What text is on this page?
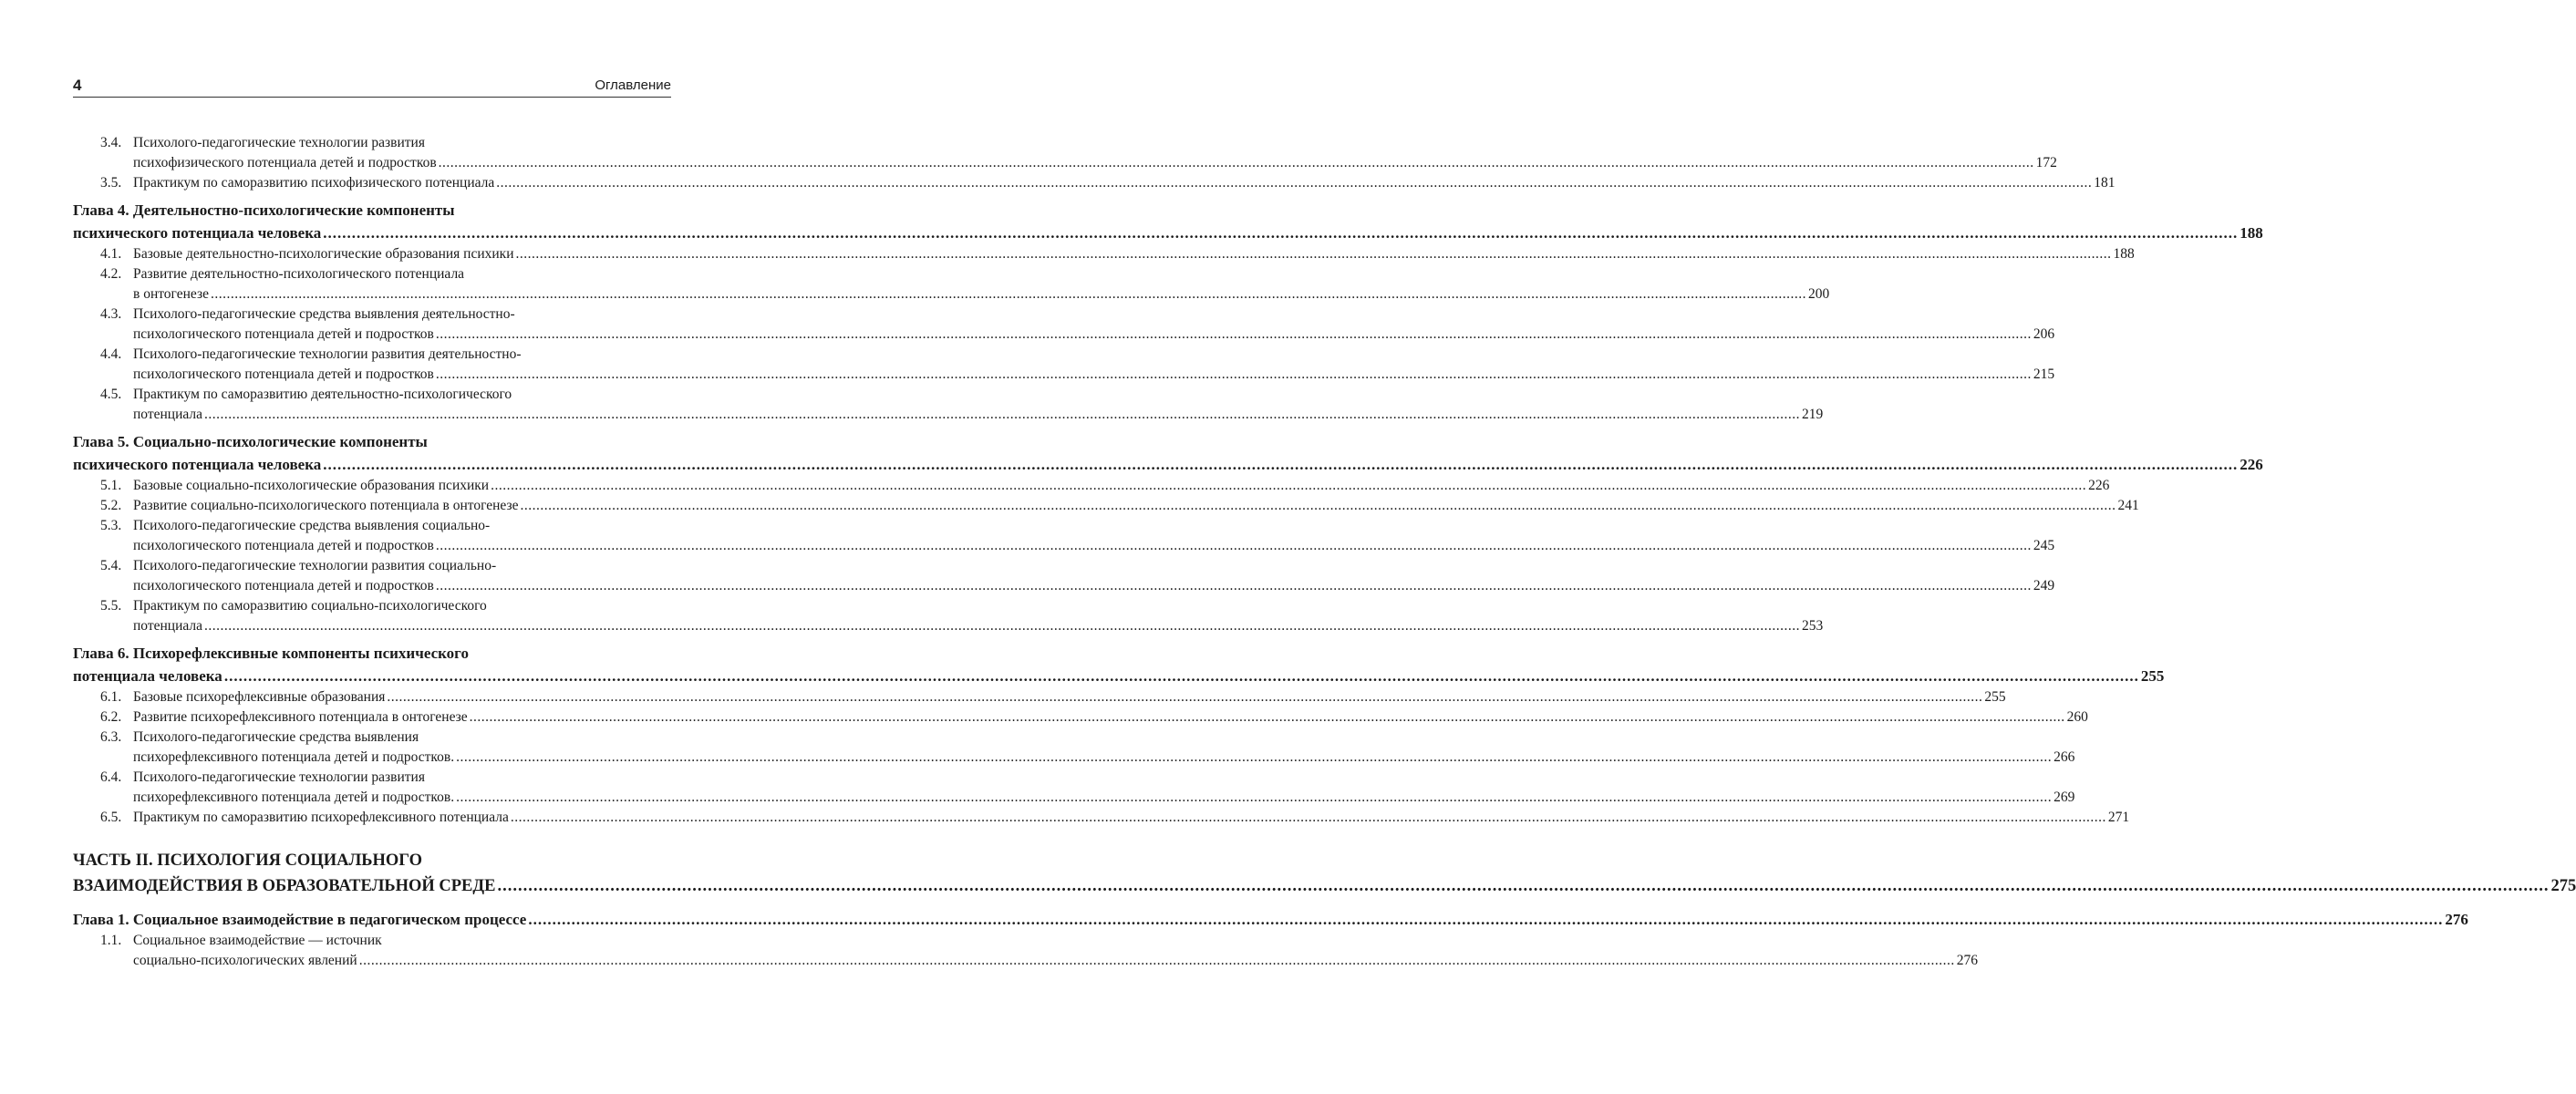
4	Оглавление
3.4. Психолого-педагогические технологии развития
психофизического потенциала детей и подростков ................................................................................................................................................................................................................................................................................................................................................................................................................ 172
3.5. Практикум по саморазвитию психофизического потенциала ................................................................................................................................................................................................................................................................................................................................................................................................................ 181
Глава 4. Деятельностно-психологические компоненты
психического потенциала человека ................................................................................................................................................................................................................................................................................................................................................................................................................ 188
4.1. Базовые деятельностно-психологические образования психики ................................................................................................................................................................................................................................................................................................................................................................................................................ 188
4.2. Развитие деятельностно-психологического потенциала
в онтогенезе ................................................................................................................................................................................................................................................................................................................................................................................................................ 200
4.3. Психолого-педагогические средства выявления деятельностно-
психологического потенциала детей и подростков ................................................................................................................................................................................................................................................................................................................................................................................................................ 206
4.4. Психолого-педагогические технологии развития деятельностно-
психологического потенциала детей и подростков ................................................................................................................................................................................................................................................................................................................................................................................................................ 215
4.5. Практикум по саморазвитию деятельностно-психологического
потенциала ................................................................................................................................................................................................................................................................................................................................................................................................................ 219
Глава 5. Социально-психологические компоненты
психического потенциала человека ................................................................................................................................................................................................................................................................................................................................................................................................................ 226
5.1. Базовые социально-психологические образования психики ................................................................................................................................................................................................................................................................................................................................................................................................................ 226
5.2. Развитие социально-психологического потенциала в онтогенезе ................................................................................................................................................................................................................................................................................................................................................................................................................ 241
5.3. Психолого-педагогические средства выявления социально-
психологического потенциала детей и подростков ................................................................................................................................................................................................................................................................................................................................................................................................................ 245
5.4. Психолого-педагогические технологии развития социально-
психологического потенциала детей и подростков ................................................................................................................................................................................................................................................................................................................................................................................................................ 249
5.5. Практикум по саморазвитию социально-психологического
потенциала ................................................................................................................................................................................................................................................................................................................................................................................................................ 253
Глава 6. Психорефлексивные компоненты психического
потенциала человека ................................................................................................................................................................................................................................................................................................................................................................................................................ 255
6.1. Базовые психорефлексивные образования ................................................................................................................................................................................................................................................................................................................................................................................................................ 255
6.2. Развитие психорефлексивного потенциала в онтогенезе ................................................................................................................................................................................................................................................................................................................................................................................................................ 260
6.3. Психолого-педагогические средства выявления
психорефлексивного потенциала детей и подростков. ................................................................................................................................................................................................................................................................................................................................................................................................................ 266
6.4. Психолого-педагогические технологии развития
психорефлексивного потенциала детей и подростков. ................................................................................................................................................................................................................................................................................................................................................................................................................ 269
6.5. Практикум по саморазвитию психорефлексивного потенциала ................................................................................................................................................................................................................................................................................................................................................................................................................ 271
ЧАСТЬ II. ПСИХОЛОГИЯ СОЦИАЛЬНОГО
ВЗАИМОДЕЙСТВИЯ В ОБРАЗОВАТЕЛЬНОЙ СРЕДЕ ................................................................................................................................................................................................................................................................................................................................................................................................................ 275
Глава 1. Социальное взаимодействие в педагогическом процессе ................................................................................................................................................................................................................................................................................................................................................................................................................ 276
1.1. Социальное взаимодействие — источник
социально-психологических явлений ................................................................................................................................................................................................................................................................................................................................................................................................................ 276
